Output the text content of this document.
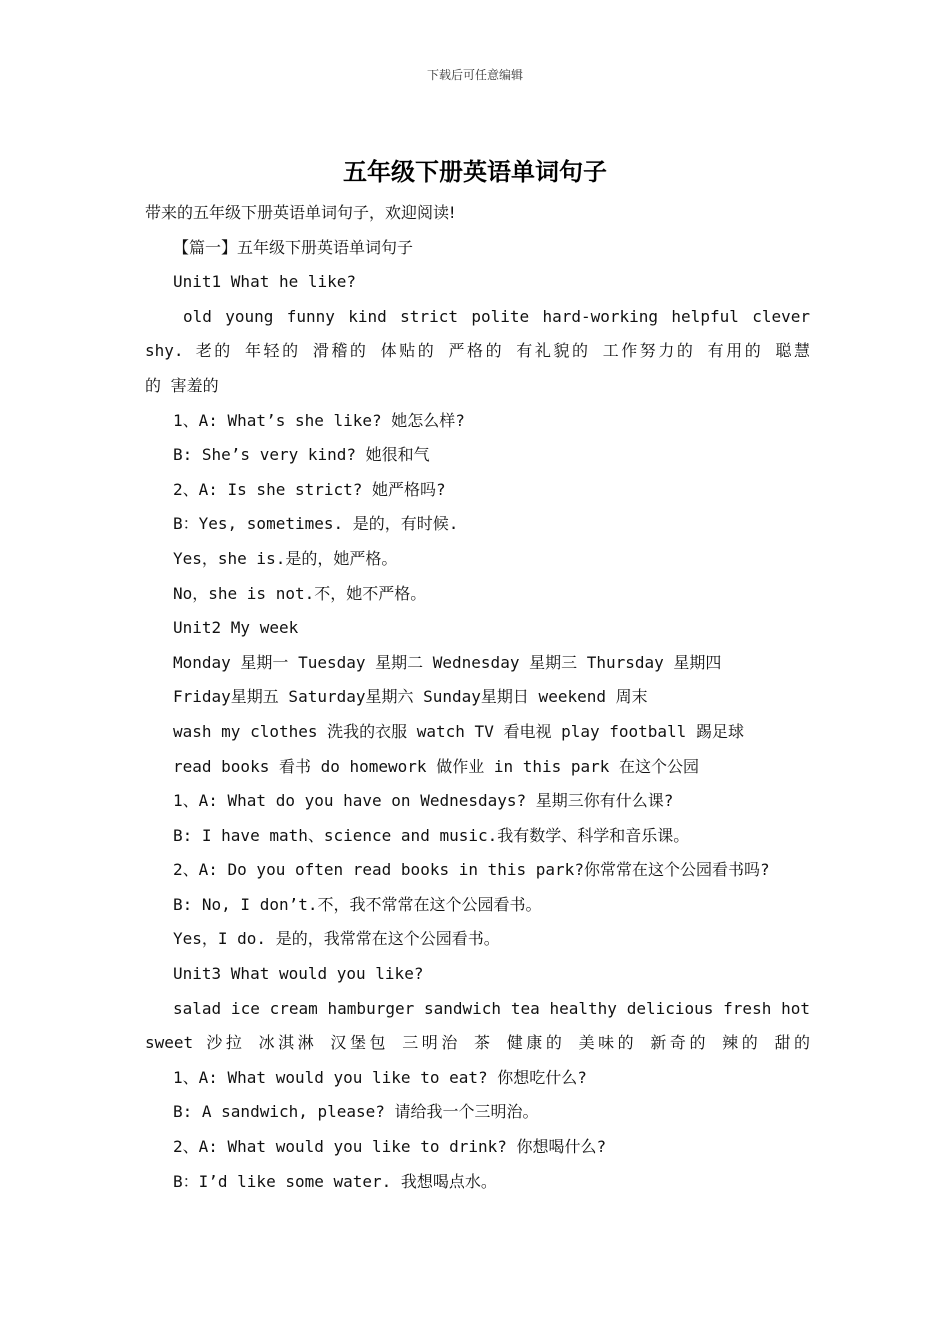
下载后可任意编辑
五年级下册英语单词句子
带来的五年级下册英语单词句子，欢迎阅读!
【篇一】五年级下册英语单词句子
Unit1 What he like?
old young funny kind strict polite hard-working helpful clever
shy. 老的 年轻的 滑稽的 体贴的 严格的 有礼貌的 工作努力的 有用的 聪慧
的 害羞的
1、A: What’s she like? 她怎么样?
B: She’s very kind? 她很和气
2、A: Is she strict? 她严格吗?
B：Yes, sometimes. 是的，有时候.
Yes，she is.是的，她严格。
No，she is not.不，她不严格。
Unit2 My week
Monday 星期一 Tuesday 星期二 Wednesday 星期三 Thursday 星期四
Friday星期五 Saturday星期六 Sunday星期日 weekend 周末
wash my clothes 洗我的衣服 watch TV 看电视 play football 踢足球
read books 看书 do homework 做作业 in this park 在这个公园
1、A: What do you have on Wednesdays? 星期三你有什么课?
B: I have math、science and music.我有数学、科学和音乐课。
2、A: Do you often read books in this park?你常常在这个公园看书吗?
B: No, I don’t.不，我不常常在这个公园看书。
Yes，I do. 是的，我常常在这个公园看书。
Unit3 What would you like?
salad ice cream hamburger sandwich tea healthy delicious fresh hot
sweet 沙拉 冰淇淋 汉堡包 三明治 茶 健康的 美味的 新奇的 辣的 甜的
1、A: What would you like to eat? 你想吃什么?
B: A sandwich, please? 请给我一个三明治。
2、A: What would you like to drink? 你想喝什么?
B：I’d like some water. 我想喝点水。
